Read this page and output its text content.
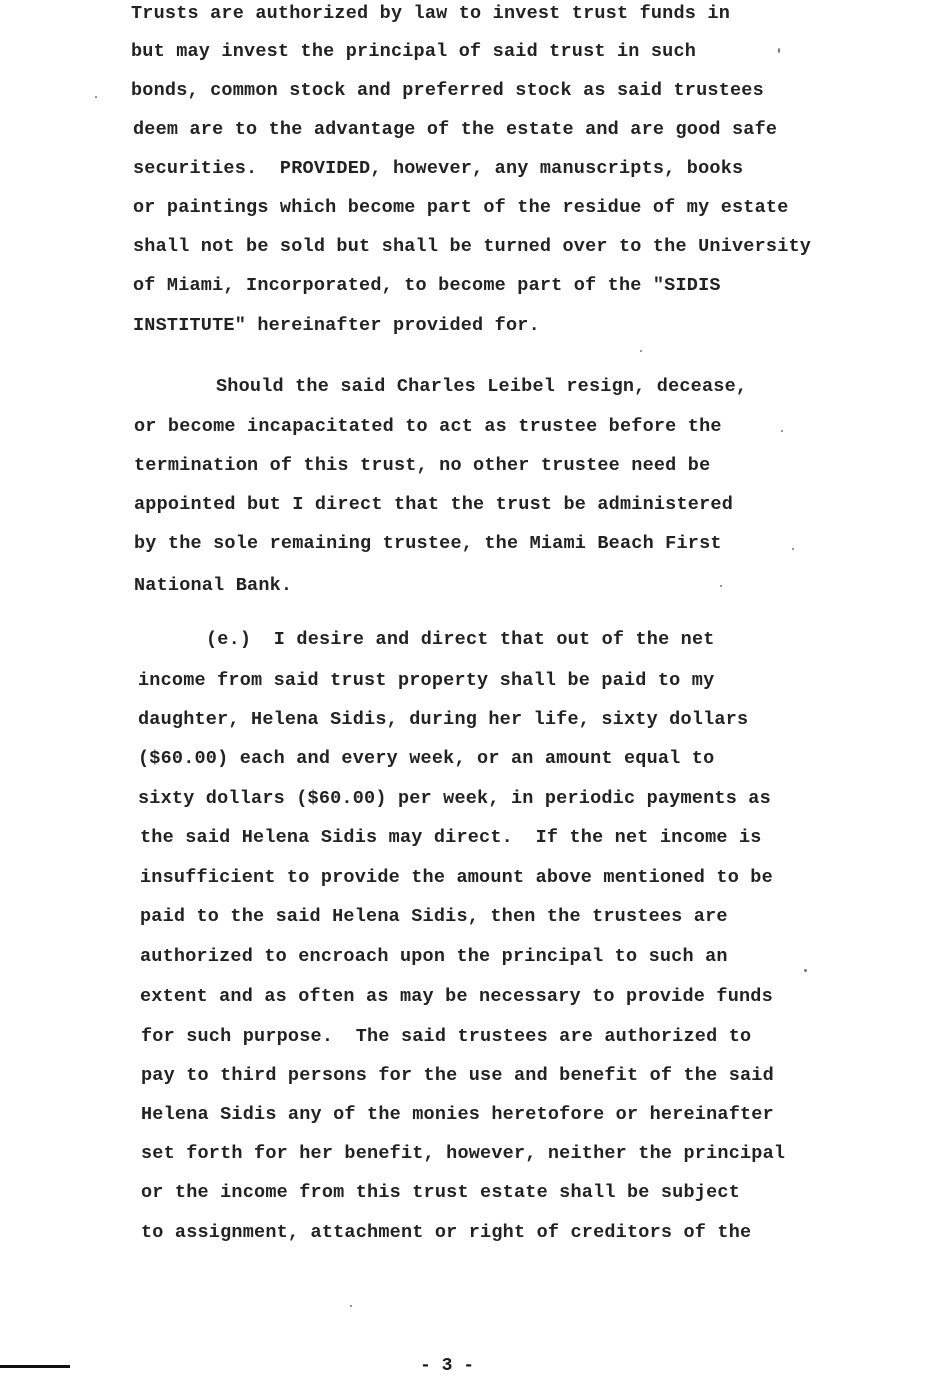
Trusts are authorized by law to invest trust funds in
but may invest the principal of said trust in such
bonds, common stock and preferred stock as said trustees
deem are to the advantage of the estate and are good safe
securities.  PROVIDED, however, any manuscripts, books
or paintings which become part of the residue of my estate
shall not be sold but shall be turned over to the University
of Miami, Incorporated, to become part of the "SIDIS
INSTITUTE" hereinafter provided for.
Should the said Charles Leibel resign, decease,
or become incapacitated to act as trustee before the
termination of this trust, no other trustee need be
appointed but I direct that the trust be administered
by the sole remaining trustee, the Miami Beach First
National Bank.
(e.)  I desire and direct that out of the net
income from said trust property shall be paid to my
daughter, Helena Sidis, during her life, sixty dollars
($60.00) each and every week, or an amount equal to
sixty dollars ($60.00) per week, in periodic payments as
the said Helena Sidis may direct.  If the net income is
insufficient to provide the amount above mentioned to be
paid to the said Helena Sidis, then the trustees are
authorized to encroach upon the principal to such an
extent and as often as may be necessary to provide funds
for such purpose.  The said trustees are authorized to
pay to third persons for the use and benefit of the said
Helena Sidis any of the monies heretofore or hereinafter
set forth for her benefit, however, neither the principal
or the income from this trust estate shall be subject
to assignment, attachment or right of creditors of the
- 3 -
